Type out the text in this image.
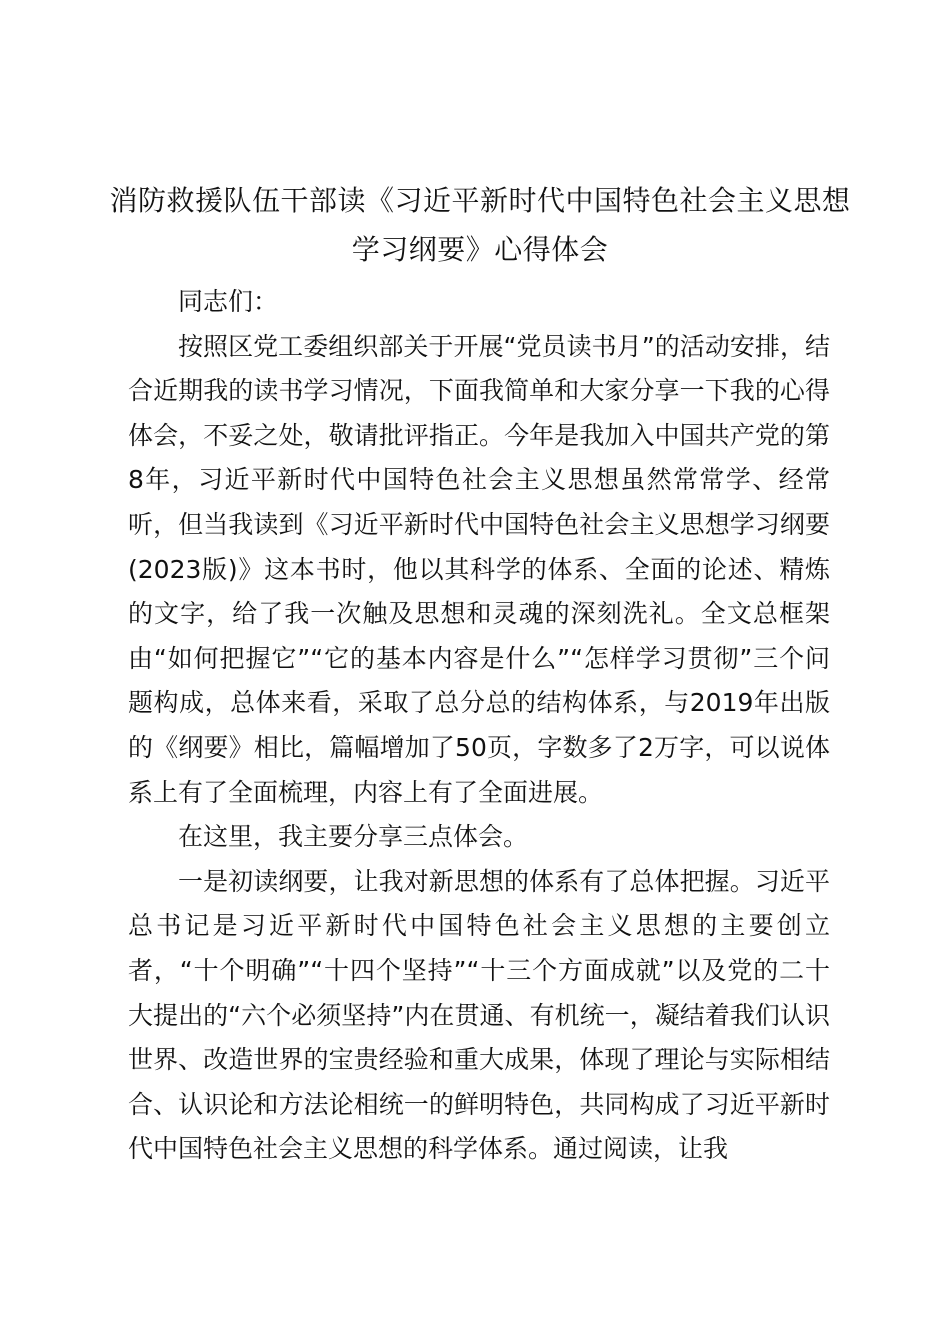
消防救援队伍干部读《习近平新时代中国特色社会主义思想学习纲要》心得体会

同志们：

按照区党工委组织部关于开展“党员读书月”的活动安排，结合近期我的读书学习情况，下面我简单和大家分享一下我的心得体会，不妥之处，敬请批评指正。今年是我加入中国共产党的第8年，习近平新时代中国特色社会主义思想虽然常常学、经常听，但当我读到《习近平新时代中国特色社会主义思想学习纲要(2023版)》这本书时，他以其科学的体系、全面的论述、精炼的文字，给了我一次触及思想和灵魂的深刻洗礼。全文总框架由“如何把握它”“它的基本内容是什么”“怎样学习贯彻”三个问题构成，总体来看，采取了总分总的结构体系，与2019年出版的《纲要》相比，篇幅增加了50页，字数多了2万字，可以说体系上有了全面梳理，内容上有了全面进展。

在这里，我主要分享三点体会。

一是初读纲要，让我对新思想的体系有了总体把握。习近平总书记是习近平新时代中国特色社会主义思想的主要创立者，“十个明确”“十四个坚持”“十三个方面成就”以及党的二十大提出的“六个必须坚持”内在贯通、有机统一，凝结着我们认识世界、改造世界的宝贵经验和重大成果，体现了理论与实际相结合、认识论和方法论相统一的鲜明特色，共同构成了习近平新时代中国特色社会主义思想的科学体系。通过阅读，让我
